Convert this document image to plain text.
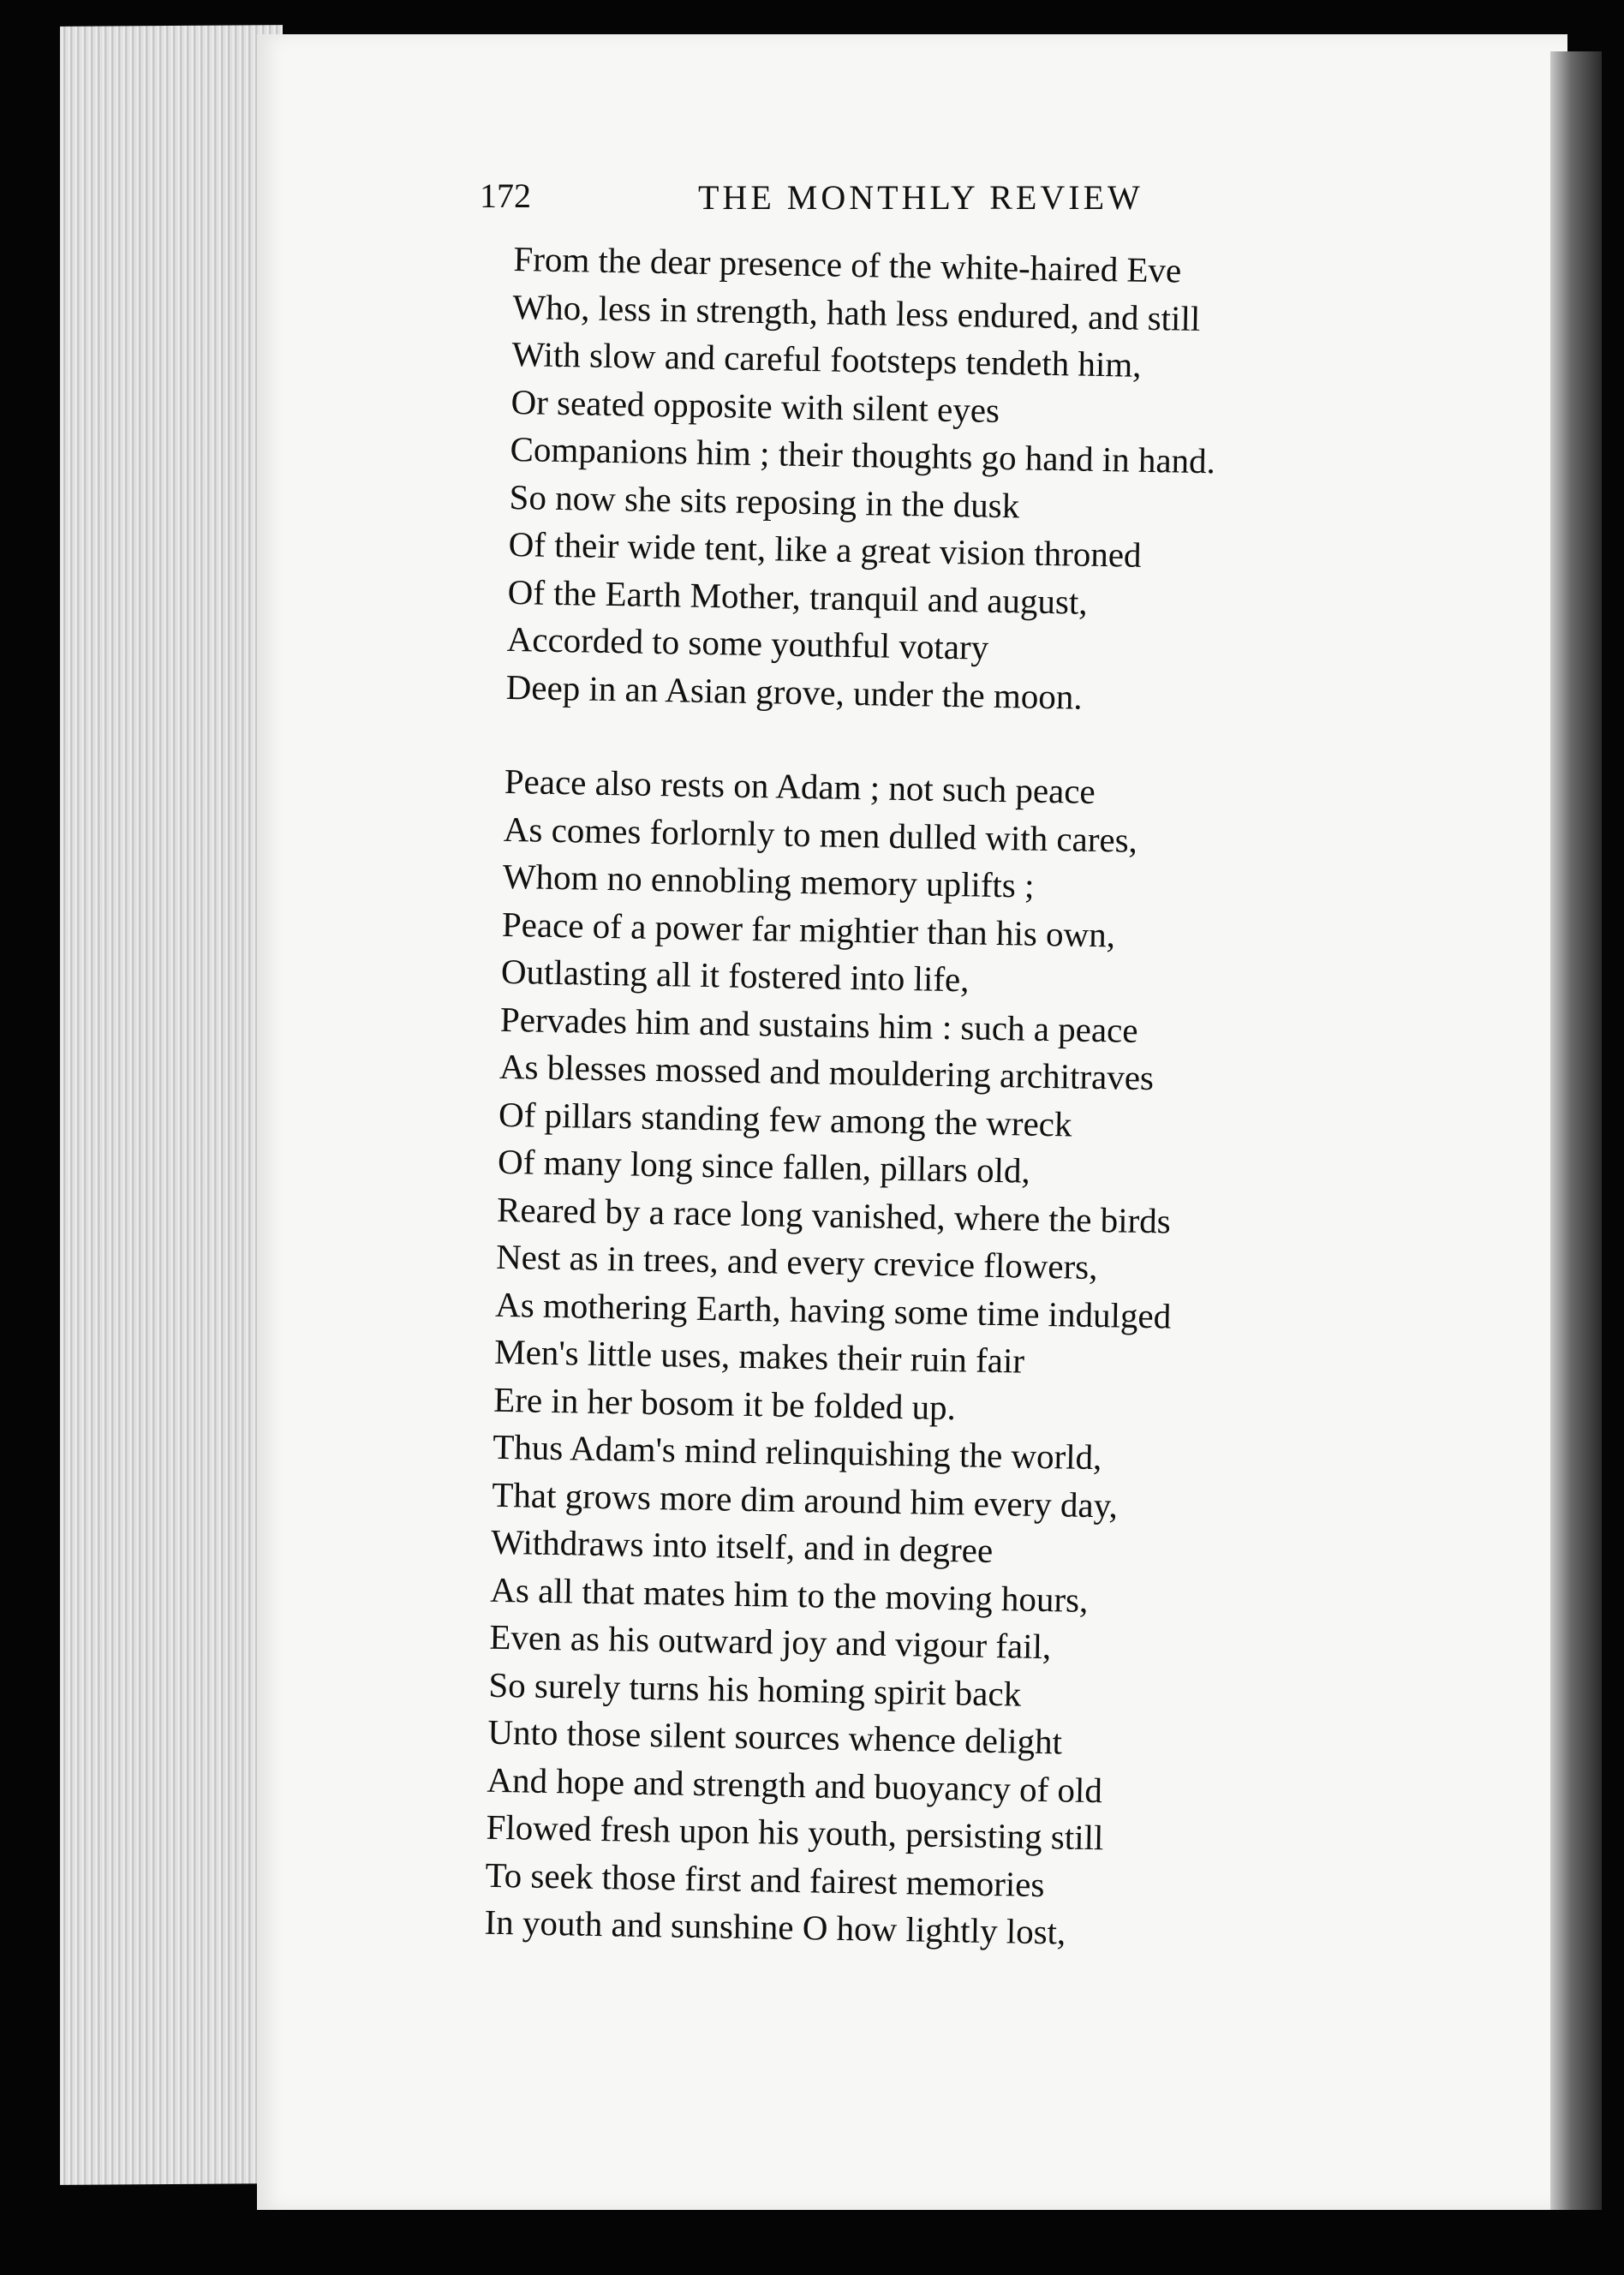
172	THE MONTHLY REVIEW
From the dear presence of the white-haired Eve
Who, less in strength, hath less endured, and still
With slow and careful footsteps tendeth him,
Or seated opposite with silent eyes
Companions him ; their thoughts go hand in hand.
So now she sits reposing in the dusk
Of their wide tent, like a great vision throned
Of the Earth Mother, tranquil and august,
Accorded to some youthful votary
Deep in an Asian grove, under the moon.
Peace also rests on Adam ; not such peace
As comes forlornly to men dulled with cares,
Whom no ennobling memory uplifts ;
Peace of a power far mightier than his own,
Outlasting all it fostered into life,
Pervades him and sustains him : such a peace
As blesses mossed and mouldering architraves
Of pillars standing few among the wreck
Of many long since fallen, pillars old,
Reared by a race long vanished, where the birds
Nest as in trees, and every crevice flowers,
As mothering Earth, having some time indulged
Men's little uses, makes their ruin fair
Ere in her bosom it be folded up.
Thus Adam's mind relinquishing the world,
That grows more dim around him every day,
Withdraws into itself, and in degree
As all that mates him to the moving hours,
Even as his outward joy and vigour fail,
So surely turns his homing spirit back
Unto those silent sources whence delight
And hope and strength and buoyancy of old
Flowed fresh upon his youth, persisting still
To seek those first and fairest memories
In youth and sunshine O how lightly lost,
